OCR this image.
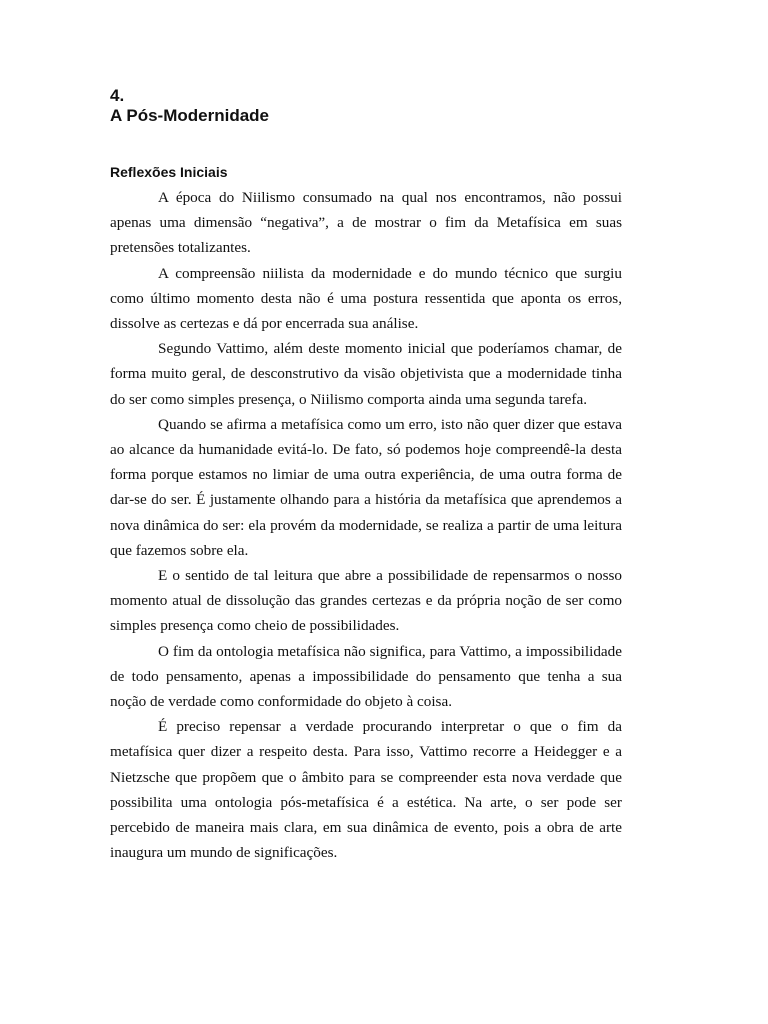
4.
A Pós-Modernidade
Reflexões Iniciais

A época do Niilismo consumado na qual nos encontramos, não possui apenas uma dimensão “negativa”, a de mostrar o fim da Metafísica em suas pretensões totalizantes.

A compreensão niilista da modernidade e do mundo técnico que surgiu como último momento desta não é uma postura ressentida que aponta os erros, dissolve as certezas e dá por encerrada sua análise.

Segundo Vattimo, além deste momento inicial que poderíamos chamar, de forma muito geral, de desconstrutivo da visão objetivista que a modernidade tinha do ser como simples presença, o Niilismo comporta ainda uma segunda tarefa.

Quando se afirma a metafísica como um erro, isto não quer dizer que estava ao alcance da humanidade evitá-lo. De fato, só podemos hoje compreendê-la desta forma porque estamos no limiar de uma outra experiência, de uma outra forma de dar-se do ser. É justamente olhando para a história da metafísica que aprendemos a nova dinâmica do ser: ela provém da modernidade, se realiza a partir de uma leitura que fazemos sobre ela.

E o sentido de tal leitura que abre a possibilidade de repensarmos o nosso momento atual de dissolução das grandes certezas e da própria noção de ser como simples presença como cheio de possibilidades.

O fim da ontologia metafísica não significa, para Vattimo, a impossibilidade de todo pensamento, apenas a impossibilidade do pensamento que tenha a sua noção de verdade como conformidade do objeto à coisa.

É preciso repensar a verdade procurando interpretar o que o fim da metafísica quer dizer a respeito desta. Para isso, Vattimo recorre a Heidegger e a Nietzsche que propõem que o âmbito para se compreender esta nova verdade que possibilita uma ontologia pós-metafísica é a estética. Na arte, o ser pode ser percebido de maneira mais clara, em sua dinâmica de evento, pois a obra de arte inaugura um mundo de significações.
